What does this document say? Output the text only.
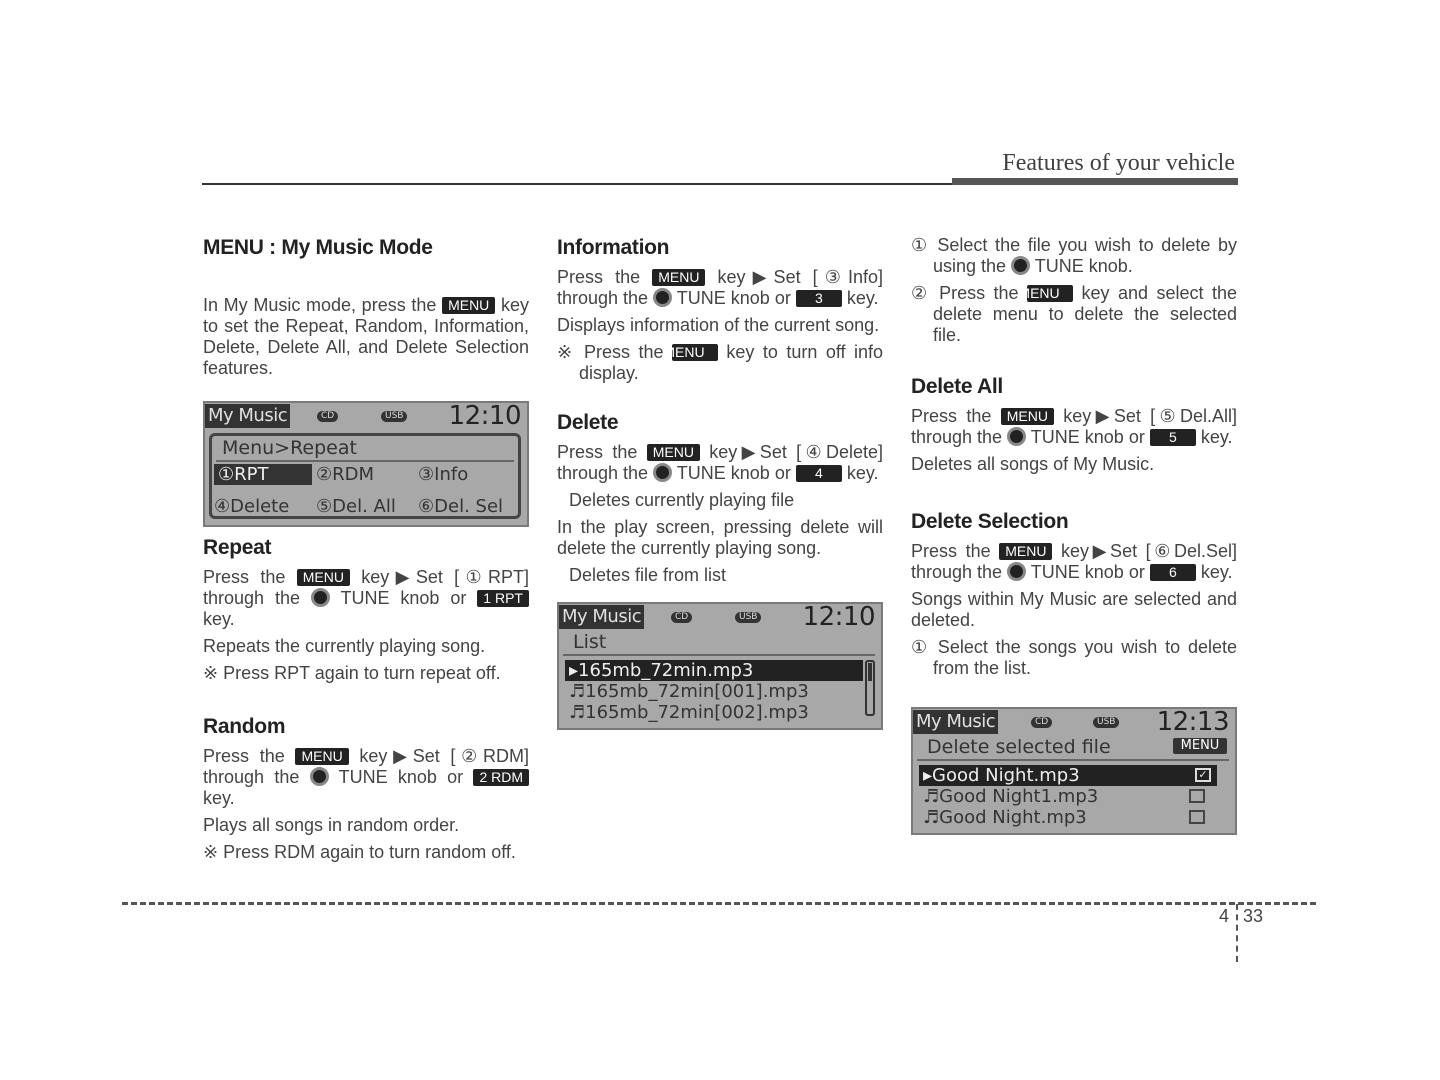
Features of your vehicle
MENU : My Music Mode

In My Music mode, press the MENU key to set the Repeat, Random, Information, Delete, Delete All, and Delete Selection features.

My Music	CD	USB 12:10
Menu>Repeat
①RPT	②RDM ③Info
④Delete ⑤Del. All ⑥Del. Sel
Repeat

Press the MENU key▶Set [①RPT] through the TUNE knob or 1 RPT key.

Repeats the currently playing song.

※ Press RPT again to turn repeat off.

Random

Press the MENU key▶Set [②RDM] through the TUNE knob or 2 RDM key.

Plays all songs in random order.

※ Press RDM again to turn random off.

Information

Press the MENU key▶Set [③Info] through the TUNE knob or 3 key.

Displays information of the current song.

※ Press the MENU key to turn off info display.

Delete

Press the MENU key▶Set [④Delete] through the TUNE knob or 4 key.

Deletes currently playing file

In the play screen, pressing delete will delete the currently playing song.

Deletes file from list

My Music	CD	USB 12:10
List
▸165mb_72min.mp3
♬165mb_72min[001].mp3
♬165mb_72min[002].mp3

① Select the file you wish to delete by using the TUNE knob.

② Press the MENU key and select the delete menu to delete the selected file.

Delete All

Press the MENU key▶Set [⑤Del.All] through the TUNE knob or 5 key.

Deletes all songs of My Music.

Delete Selection

Press the MENU key▶Set [⑥Del.Sel] through the TUNE knob or 6 key.

Songs within My Music are selected and deleted.

① Select the songs you wish to delete from the list.

My Music	CD	USB 12:13
Delete selected file	MENU
▸Good Night.mp3	✓
♬Good Night1.mp3
♬Good Night.mp3
4 33
